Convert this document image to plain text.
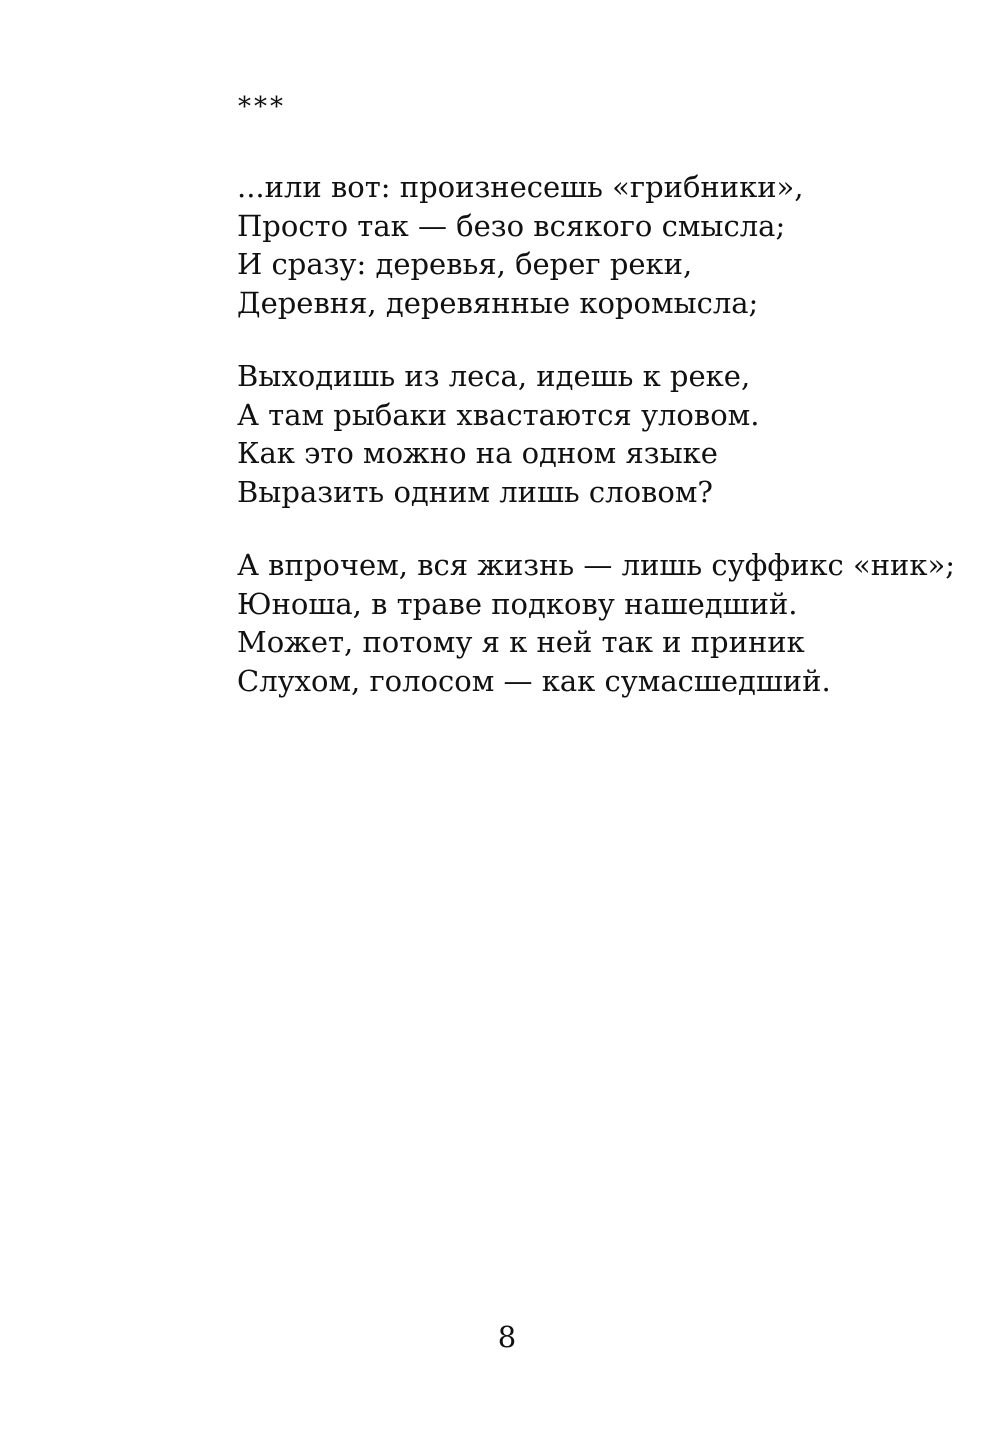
***
...или вот: произнесешь «грибники»,
Просто так — безо всякого смысла;
И сразу: деревья, берег реки,
Деревня, деревянные коромысла;
Выходишь из леса, идешь к реке,
А там рыбаки хвастаются уловом.
Как это можно на одном языке
Выразить одним лишь словом?
А впрочем, вся жизнь — лишь суффикс «ник»;
Юноша, в траве подкову нашедший.
Может, потому я к ней так и приник
Слухом, голосом — как сумасшедший.
8
